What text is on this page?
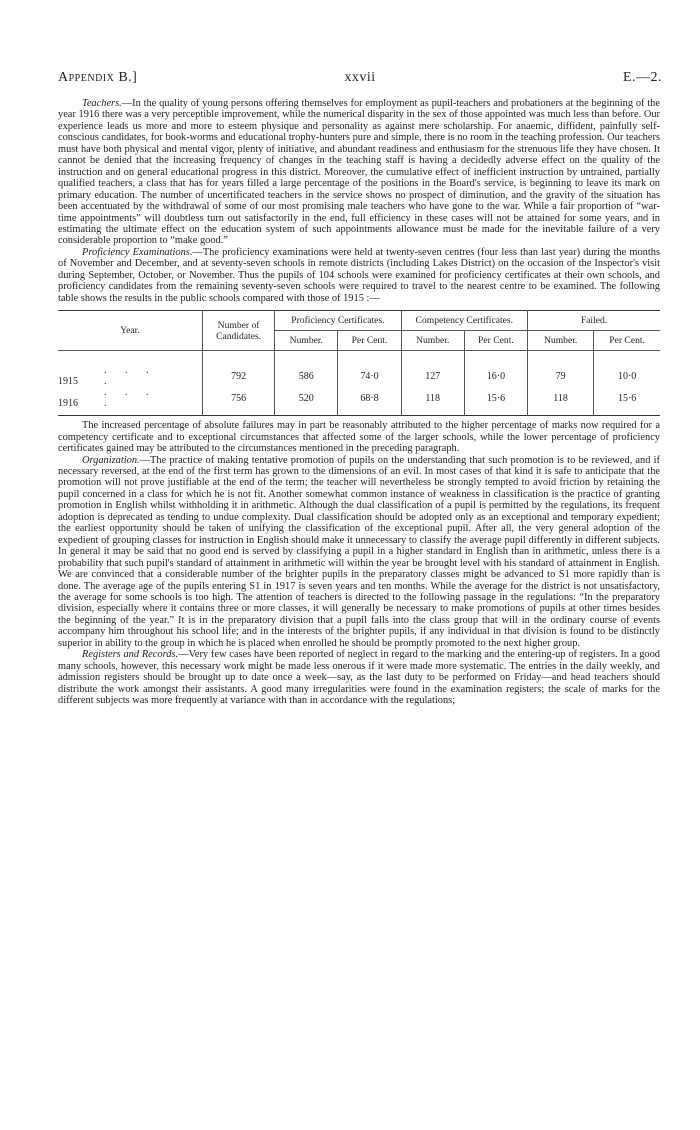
Appendix B.]	xxvii	E.—2.

Teachers.—In the quality of young persons offering themselves for employment as pupil-teachers and probationers at the beginning of the year 1916 there was a very perceptible improvement, while the numerical disparity in the sex of those appointed was much less than before. Our experience leads us more and more to esteem physique and personality as against mere scholarship. For anaemic, diffident, painfully self-conscious candidates, for book-worms and educational trophy-hunters pure and simple, there is no room in the teaching profession. Our teachers must have both physical and mental vigor, plenty of initiative, and abundant readiness and enthusiasm for the strenuous life they have chosen. It cannot be denied that the increasing frequency of changes in the teaching staff is having a decidedly adverse effect on the quality of the instruction and on general educational progress in this district. Moreover, the cumulative effect of inefficient instruction by untrained, partially qualified teachers, a class that has for years filled a large percentage of the positions in the Board's service, is beginning to leave its mark on primary education. The number of uncertificated teachers in the service shows no prospect of diminution, and the gravity of the situation has been accentuated by the withdrawal of some of our most promising male teachers who have gone to the war. While a fair proportion of “war-time appointments” will doubtless turn out satisfactorily in the end, full efficiency in these cases will not be attained for some years, and in estimating the ultimate effect on the education system of such appointments allowance must be made for the inevitable failure of a very considerable proportion to “make good.”

Proficiency Examinations.—The proficiency examinations were held at twenty-seven centres (four less than last year) during the months of November and December, and at seventy-seven schools in remote districts (including Lakes District) on the occasion of the Inspector's visit during September, October, or November. Thus the pupils of 104 schools were examined for proficiency certificates at their own schools, and proficiency candidates from the remaining seventy-seven schools were required to travel to the nearest centre to be examined. The following table shows the results in the public schools compared with those of 1915 :—

Year.	Number of Candidates.	Proficiency Certificates.		Competency Certificates.		Failed.	
		Number.	Per Cent.	Number.	Per Cent.	Number.	Per Cent.

1915. . . .	792	586	74·0	127	16·0	79	10·0
1916. . . .	756	520	68·8	118	15·6	118	15·6

The increased percentage of absolute failures may in part be reasonably attributed to the higher percentage of marks now required for a competency certificate and to exceptional circumstances that affected some of the larger schools, while the lower percentage of proficiency certificates gained may be attributed to the circumstances mentioned in the preceding paragraph.

Organization.—The practice of making tentative promotion of pupils on the understanding that such promotion is to be reviewed, and if necessary reversed, at the end of the first term has grown to the dimensions of an evil. In most cases of that kind it is safe to anticipate that the promotion will not prove justifiable at the end of the term; the teacher will nevertheless be strongly tempted to avoid friction by retaining the pupil concerned in a class for which he is not fit. Another somewhat common instance of weakness in classification is the practice of granting promotion in English whilst withholding it in arithmetic. Although the dual classification of a pupil is permitted by the regulations, its frequent adoption is deprecated as tending to undue complexity. Dual classification should be adopted only as an exceptional and temporary expedient; the earliest opportunity should be taken of unifying the classification of the exceptional pupil. After all, the very general adoption of the expedient of grouping classes for instruction in English should make it unnecessary to classify the average pupil differently in different subjects. In general it may be said that no good end is served by classifying a pupil in a higher standard in English than in arithmetic, unless there is a probability that such pupil's standard of attainment in arithmetic will within the year be brought level with his standard of attainment in English. We are convinced that a considerable number of the brighter pupils in the preparatory classes might be advanced to S1 more rapidly than is done. The average age of the pupils entering S1 in 1917 is seven years and ten months. While the average for the district is not unsatisfactory, the average for some schools is too high. The attention of teachers is directed to the following passage in the regulations: “In the preparatory division, especially where it contains three or more classes, it will generally be necessary to make promotions of pupils at other times besides the beginning of the year.” It is in the preparatory division that a pupil falls into the class group that will in the ordinary course of events accompany him throughout his school life; and in the interests of the brighter pupils, if any individual in that division is found to be distinctly superior in ability to the group in which he is placed when enrolled he should be promptly promoted to the next higher group.

Registers and Records.—Very few cases have been reported of neglect in regard to the marking and the entering-up of registers. In a good many schools, however, this necessary work might be made less onerous if it were made more systematic. The entries in the daily weekly, and admission registers should be brought up to date once a week—say, as the last duty to be performed on Friday—and head teachers should distribute the work amongst their assistants. A good many irregularities were found in the examination registers; the scale of marks for the different subjects was more frequently at variance with than in accordance with the regulations;
